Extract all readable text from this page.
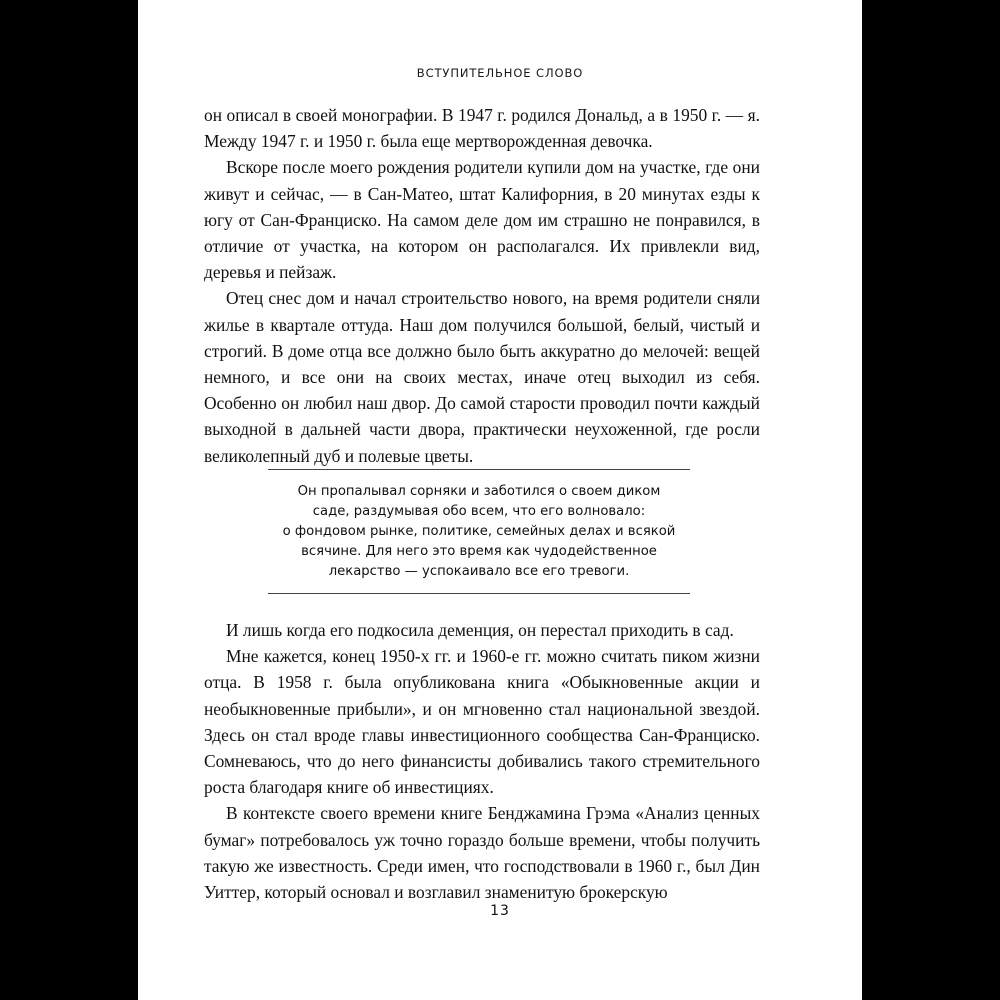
ВСТУПИТЕЛЬНОЕ СЛОВО

он описал в своей монографии. В 1947 г. родился Дональд, а в 1950 г. — я. Между 1947 г. и 1950 г. была еще мертворожденная девочка.

Вскоре после моего рождения родители купили дом на участке, где они живут и сейчас, — в Сан-Матео, штат Калифорния, в 20 минутах езды к югу от Сан-Франциско. На самом деле дом им страшно не понравился, в отличие от участка, на котором он располагался. Их привлекли вид, деревья и пейзаж.

Отец снес дом и начал строительство нового, на время родители сняли жилье в квартале оттуда. Наш дом получился большой, белый, чистый и строгий. В доме отца все должно было быть аккуратно до мелочей: вещей немного, и все они на своих местах, иначе отец выходил из себя. Особенно он любил наш двор. До самой старости проводил почти каждый выходной в дальней части двора, практически неухоженной, где росли великолепный дуб и полевые цветы.

Он пропалывал сорняки и заботился о своем диком
саде, раздумывая обо всем, что его волновало:
о фондовом рынке, политике, семейных делах и всякой
всячине. Для него это время как чудодейственное
лекарство — успокаивало все его тревоги.

И лишь когда его подкосила деменция, он перестал приходить в сад.

Мне кажется, конец 1950-х гг. и 1960-е гг. можно считать пиком жизни отца. В 1958 г. была опубликована книга «Обыкновенные акции и необыкновенные прибыли», и он мгновенно стал национальной звездой. Здесь он стал вроде главы инвестиционного сообщества Сан-Франциско. Сомневаюсь, что до него финансисты добивались такого стремительного роста благодаря книге об инвестициях.

В контексте своего времени книге Бенджамина Грэма «Анализ ценных бумаг» потребовалось уж точно гораздо больше времени, чтобы получить такую же известность. Среди имен, что господствовали в 1960 г., был Дин Уиттер, который основал и возглавил знаменитую брокерскую

13
